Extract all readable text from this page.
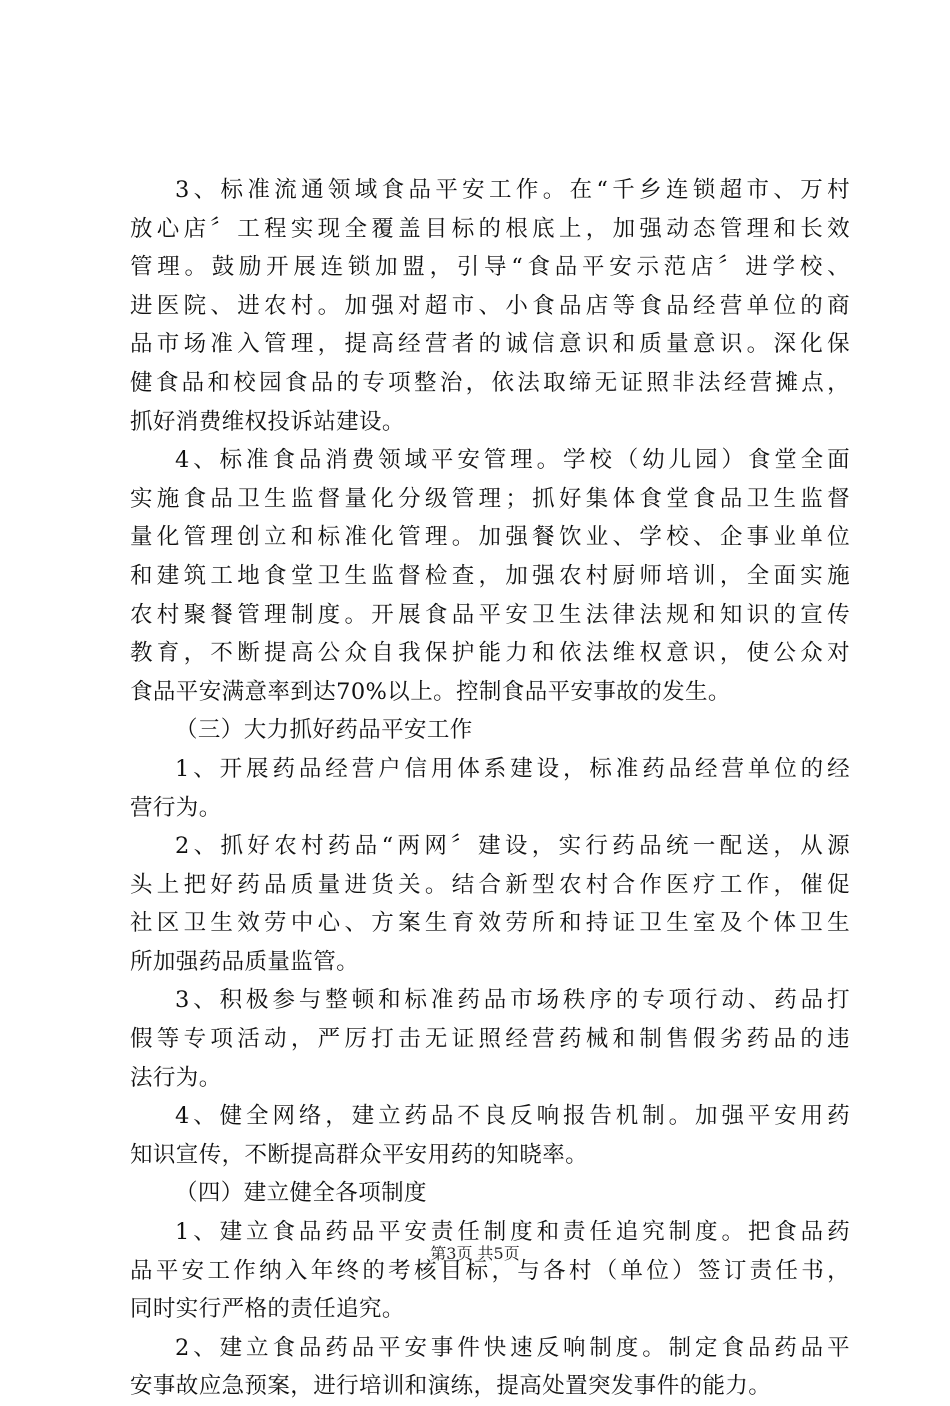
3、标准流通领域食品平安工作。在“千乡连锁超市、万村
放心店〞工程实现全覆盖目标的根底上，加强动态管理和长效
管理。鼓励开展连锁加盟，引导“食品平安示范店〞进学校、
进医院、进农村。加强对超市、小食品店等食品经营单位的商
品市场准入管理，提高经营者的诚信意识和质量意识。深化保
健食品和校园食品的专项整治，依法取缔无证照非法经营摊点，
抓好消费维权投诉站建设。
4、标准食品消费领域平安管理。学校（幼儿园）食堂全面
实施食品卫生监督量化分级管理；抓好集体食堂食品卫生监督
量化管理创立和标准化管理。加强餐饮业、学校、企事业单位
和建筑工地食堂卫生监督检查，加强农村厨师培训，全面实施
农村聚餐管理制度。开展食品平安卫生法律法规和知识的宣传
教育，不断提高公众自我保护能力和依法维权意识，使公众对
食品平安满意率到达70%以上。控制食品平安事故的发生。
（三）大力抓好药品平安工作
1、开展药品经营户信用体系建设，标准药品经营单位的经
营行为。
2、抓好农村药品“两网〞建设，实行药品统一配送，从源
头上把好药品质量进货关。结合新型农村合作医疗工作，催促
社区卫生效劳中心、方案生育效劳所和持证卫生室及个体卫生
所加强药品质量监管。
3、积极参与整顿和标准药品市场秩序的专项行动、药品打
假等专项活动，严厉打击无证照经营药械和制售假劣药品的违
法行为。
4、健全网络，建立药品不良反响报告机制。加强平安用药
知识宣传，不断提高群众平安用药的知晓率。
（四）建立健全各项制度
1、建立食品药品平安责任制度和责任追究制度。把食品药
品平安工作纳入年终的考核目标，与各村（单位）签订责任书，
同时实行严格的责任追究。
2、建立食品药品平安事件快速反响制度。制定食品药品平
安事故应急预案，进行培训和演练，提高处置突发事件的能力。
第3页 共5页
